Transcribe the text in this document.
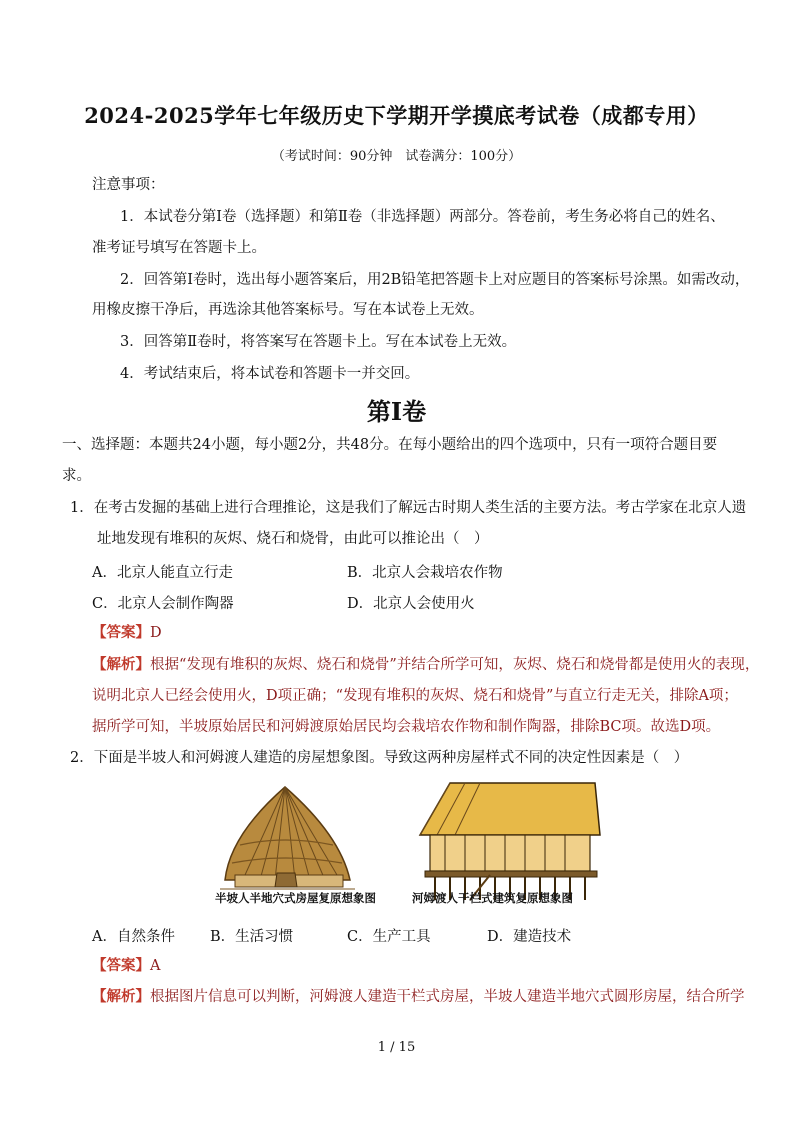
2024-2025学年七年级历史下学期开学摸底考试卷（成都专用）
（考试时间：90分钟　试卷满分：100分）
注意事项：
1．本试卷分第Ⅰ卷（选择题）和第Ⅱ卷（非选择题）两部分。答卷前，考生务必将自己的姓名、
准考证号填写在答题卡上。
2．回答第Ⅰ卷时，选出每小题答案后，用2B铅笔把答题卡上对应题目的答案标号涂黑。如需改动，
用橡皮擦干净后，再选涂其他答案标号。写在本试卷上无效。
3．回答第Ⅱ卷时，将答案写在答题卡上。写在本试卷上无效。
4．考试结束后，将本试卷和答题卡一并交回。
第Ⅰ卷
一、选择题：本题共24小题，每小题2分，共48分。在每小题给出的四个选项中，只有一项符合题目要
求。
1．在考古发掘的基础上进行合理推论，这是我们了解远古时期人类生活的主要方法。考古学家在北京人遗
址地发现有堆积的灰烬、烧石和烧骨，由此可以推论出（　）
A．北京人能直立行走	B．北京人会栽培农作物
C．北京人会制作陶器	D．北京人会使用火
【答案】D
【解析】根据“发现有堆积的灰烬、烧石和烧骨”并结合所学可知，灰烬、烧石和烧骨都是使用火的表现，
说明北京人已经会使用火，D项正确；“发现有堆积的灰烬、烧石和烧骨”与直立行走无关，排除A项；
据所学可知，半坡原始居民和河姆渡原始居民均会栽培农作物和制作陶器，排除BC项。故选D项。
2．下面是半坡人和河姆渡人建造的房屋想象图。导致这两种房屋样式不同的决定性因素是（　）
半坡人半地穴式房屋复原想象图	河姆渡人干栏式建筑复原想象图
A．自然条件 B．生活习惯	C．生产工具	D．建造技术
【答案】A
【解析】根据图片信息可以判断，河姆渡人建造干栏式房屋，半坡人建造半地穴式圆形房屋，结合所学
1 / 15
